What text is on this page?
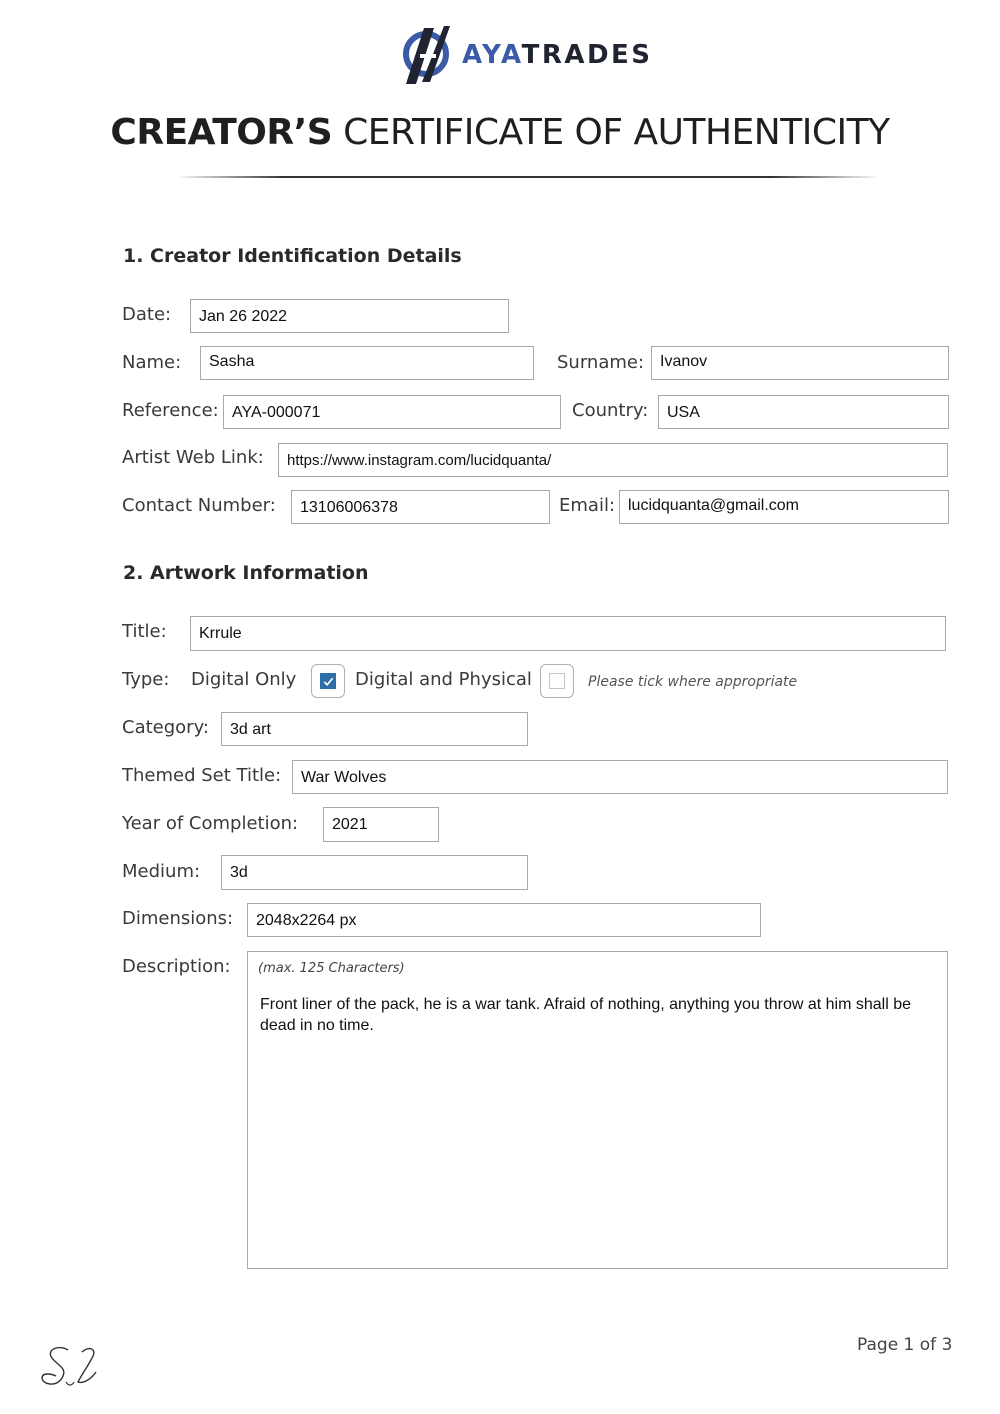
AYATRADES
CREATOR’S CERTIFICATE OF AUTHENTICITY
1. Creator Identification Details
Date:	Jan 26 2022
Name:	Sasha	Surname: Ivanov
Reference: AYA-000071	Country:	USA
Artist Web Link:	https://www.instagram.com/lucidquanta/
Contact Number:	13106006378	Email: lucidquanta@gmail.com
2. Artwork Information
Title:	Krrule
Type: Digital Only	Digital and Physical	Please tick where appropriate
Category:	3d art
Themed Set Title:	War Wolves
Year of Completion:	2021
Medium:	3d
Dimensions:	2048x2264 px
Description: (max. 125 Characters)
Front liner of the pack, he is a war tank. Afraid of nothing, anything you throw at him shall be dead in no time.
Page 1 of 3
